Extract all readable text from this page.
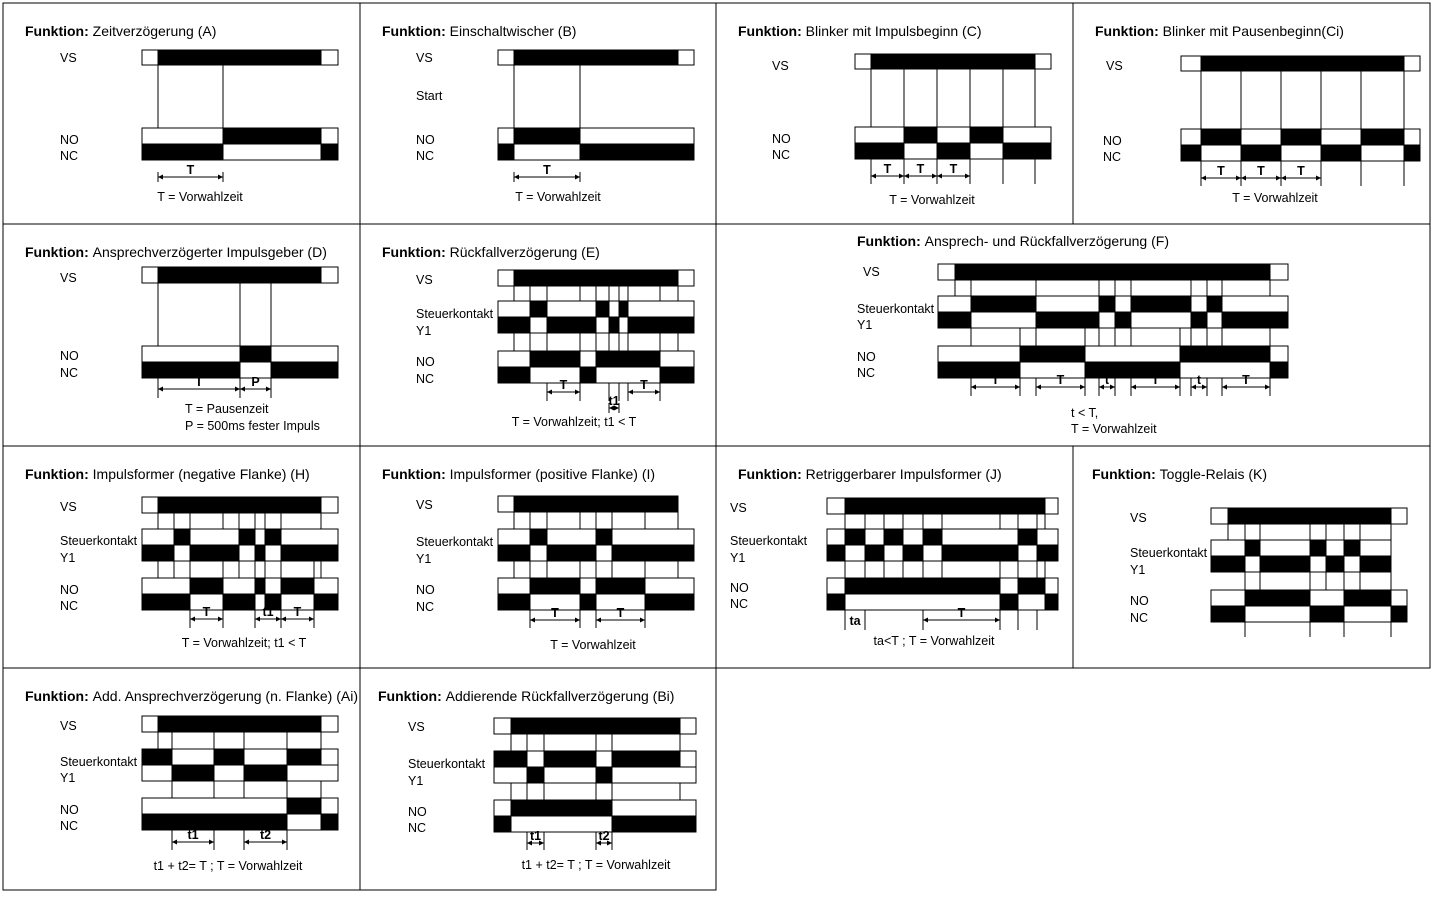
Funktion: Zeitverzögerung (A)
VS
NO
NC
T
T = Vorwahlzeit
Funktion: Einschaltwischer (B)
VS
Start
NO
NC
T
T = Vorwahlzeit
Funktion: Blinker mit Impulsbeginn (C)
VS
NO
NC
T T T
T = Vorwahlzeit
Funktion: Blinker mit Pausenbeginn(Ci)
VS
NO
NC
T	T	T
T = Vorwahlzeit
Funktion: Ansprechverzögerter Impulsgeber (D)
VS
NO
NC
T	P
T = Pausenzeit
P = 500ms fester Impuls
Funktion: Rückfallverzögerung (E)
VS
Steuerkontakt
Y1
NO
NC	T	T
t1
T = Vorwahlzeit; t1 < T
Funktion: Ansprech- und Rückfallverzögerung (F)
VS
Steuerkontakt
Y1
NO
NC	T	T	t	T	t	T
t < T,
T = Vorwahlzeit
Funktion: Impulsformer (negative Flanke) (H)
VS
Steuerkontakt
Y1
NO
NC	T	t1 T
T = Vorwahlzeit; t1 < T
Funktion: Impulsformer (positive Flanke) (I)
VS
Steuerkontakt
Y1
NO
NC	T	T
T = Vorwahlzeit
Funktion: Retriggerbarer Impulsformer (J)
VS
Steuerkontakt
Y1
NO
NC
T
ta
ta<T ; T = Vorwahlzeit
Funktion: Toggle-Relais (K)
VS
Steuerkontakt
Y1
NO
NC
Funktion: Add. Ansprechverzögerung (n. Flanke) (Ai)
VS
Steuerkontakt
Y1
NO
NC
t1	t2
t1 + t2= T ; T = Vorwahlzeit
Funktion: Addierende Rückfallverzögerung (Bi)
VS
Steuerkontakt
Y1
NO
NC
t1	t2
t1 + t2= T ; T = Vorwahlzeit
